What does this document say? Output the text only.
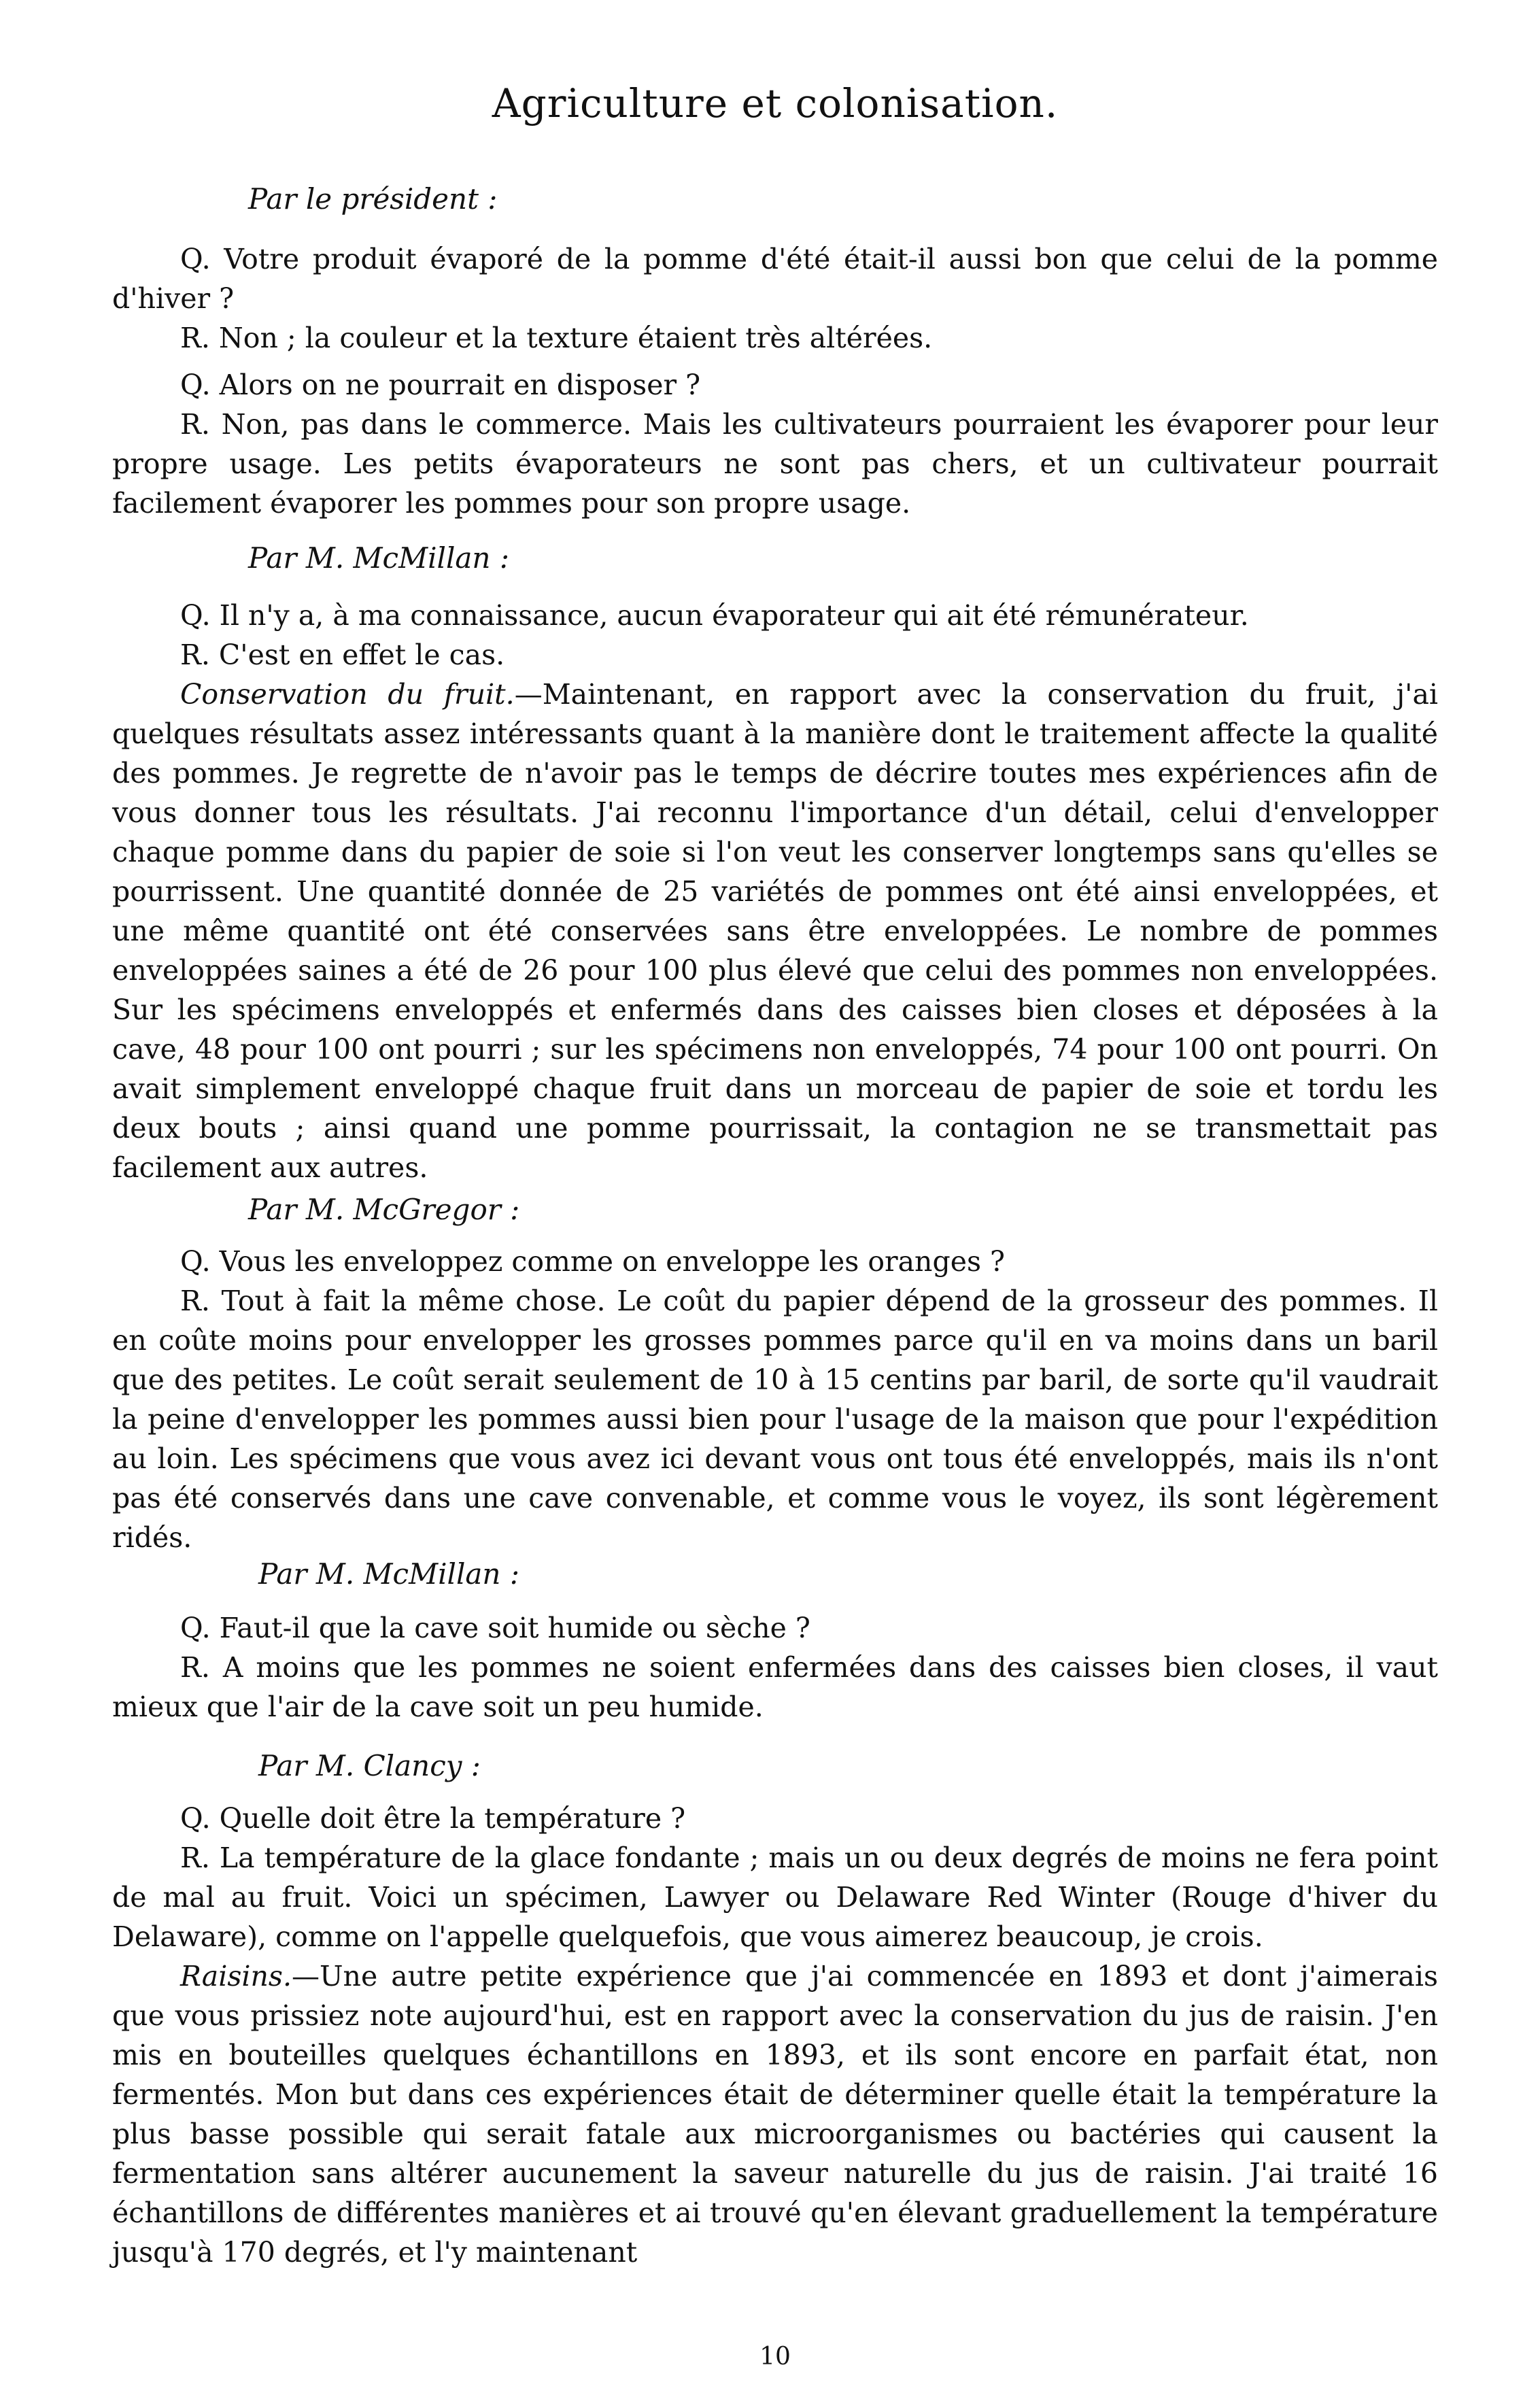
Agriculture et colonisation.

Par le président :

Q. Votre produit évaporé de la pomme d'été était-il aussi bon que celui de la pomme d'hiver ?

R. Non ; la couleur et la texture étaient très altérées.

Q. Alors on ne pourrait en disposer ?

R. Non, pas dans le commerce. Mais les cultivateurs pourraient les évaporer pour leur propre usage. Les petits évaporateurs ne sont pas chers, et un cultivateur pourrait facilement évaporer les pommes pour son propre usage.

Par M. McMillan :

Q. Il n'y a, à ma connaissance, aucun évaporateur qui ait été rémunérateur.

R. C'est en effet le cas.

Conservation du fruit.—Maintenant, en rapport avec la conservation du fruit, j'ai quelques résultats assez intéressants quant à la manière dont le traitement affecte la qualité des pommes. Je regrette de n'avoir pas le temps de décrire toutes mes expériences afin de vous donner tous les résultats. J'ai reconnu l'importance d'un détail, celui d'envelopper chaque pomme dans du papier de soie si l'on veut les conserver longtemps sans qu'elles se pourrissent. Une quantité donnée de 25 variétés de pommes ont été ainsi enveloppées, et une même quantité ont été conservées sans être enveloppées. Le nombre de pommes enveloppées saines a été de 26 pour 100 plus élevé que celui des pommes non enveloppées. Sur les spécimens enveloppés et enfermés dans des caisses bien closes et déposées à la cave, 48 pour 100 ont pourri ; sur les spécimens non enveloppés, 74 pour 100 ont pourri. On avait simplement enveloppé chaque fruit dans un morceau de papier de soie et tordu les deux bouts ; ainsi quand une pomme pourrissait, la contagion ne se transmettait pas facilement aux autres.

Par M. McGregor :

Q. Vous les enveloppez comme on enveloppe les oranges ?

R. Tout à fait la même chose. Le coût du papier dépend de la grosseur des pommes. Il en coûte moins pour envelopper les grosses pommes parce qu'il en va moins dans un baril que des petites. Le coût serait seulement de 10 à 15 centins par baril, de sorte qu'il vaudrait la peine d'envelopper les pommes aussi bien pour l'usage de la maison que pour l'expédition au loin. Les spécimens que vous avez ici devant vous ont tous été enveloppés, mais ils n'ont pas été conservés dans une cave convenable, et comme vous le voyez, ils sont légèrement ridés.

Par M. McMillan :

Q. Faut-il que la cave soit humide ou sèche ?

R. A moins que les pommes ne soient enfermées dans des caisses bien closes, il vaut mieux que l'air de la cave soit un peu humide.

Par M. Clancy :

Q. Quelle doit être la température ?

R. La température de la glace fondante ; mais un ou deux degrés de moins ne fera point de mal au fruit. Voici un spécimen, Lawyer ou Delaware Red Winter (Rouge d'hiver du Delaware), comme on l'appelle quelquefois, que vous aimerez beaucoup, je crois.

Raisins.—Une autre petite expérience que j'ai commencée en 1893 et dont j'aimerais que vous prissiez note aujourd'hui, est en rapport avec la conservation du jus de raisin. J'en mis en bouteilles quelques échantillons en 1893, et ils sont encore en parfait état, non fermentés. Mon but dans ces expériences était de déterminer quelle était la température la plus basse possible qui serait fatale aux microorganismes ou bactéries qui causent la fermentation sans altérer aucunement la saveur naturelle du jus de raisin. J'ai traité 16 échantillons de différentes manières et ai trouvé qu'en élevant graduellement la température jusqu'à 170 degrés, et l'y maintenant

10
